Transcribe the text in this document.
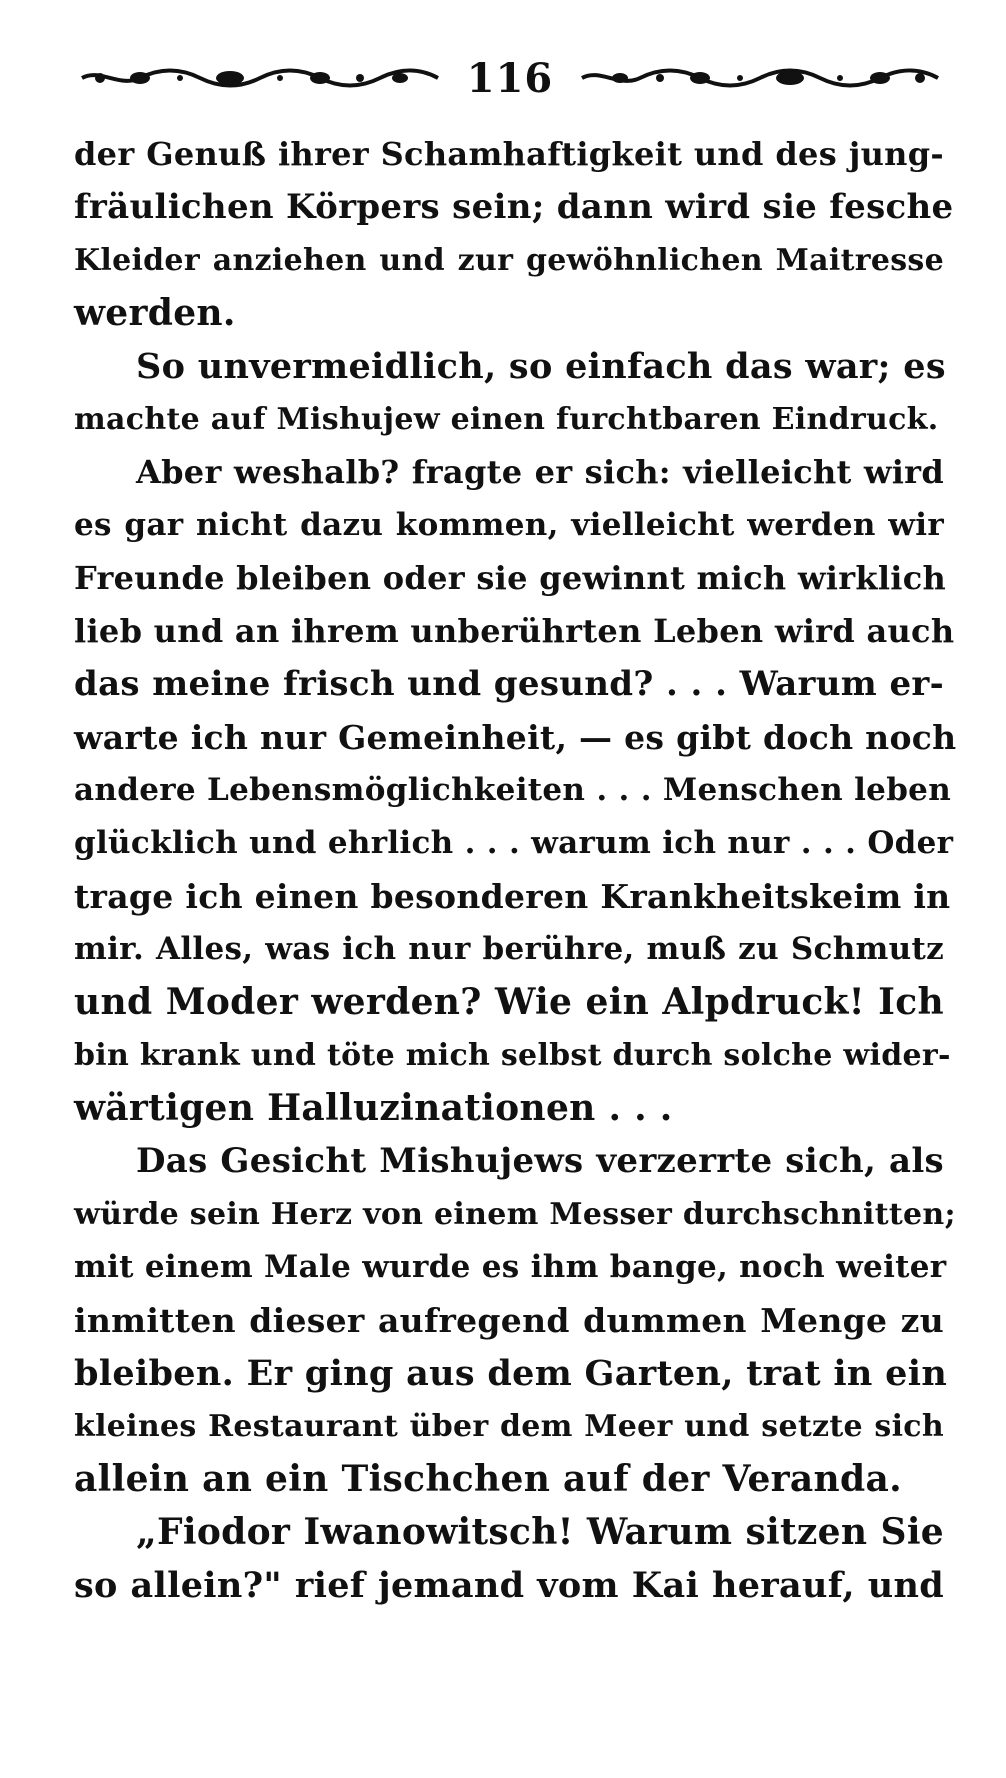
116
der Genuß ihrer Schamhaftigkeit und des jung-
fräulichen Körpers sein; dann wird sie fesche
Kleider anziehen und zur gewöhnlichen Maitresse
werden.
So unvermeidlich, so einfach das war; es
machte auf Mishujew einen furchtbaren Eindruck.
Aber weshalb? fragte er sich: vielleicht wird
es gar nicht dazu kommen, vielleicht werden wir
Freunde bleiben oder sie gewinnt mich wirklich
lieb und an ihrem unberührten Leben wird auch
das meine frisch und gesund? . . . Warum er-
warte ich nur Gemeinheit, — es gibt doch noch
andere Lebensmöglichkeiten . . . Menschen leben
glücklich und ehrlich . . . warum ich nur . . . Oder
trage ich einen besonderen Krankheitskeim in
mir. Alles, was ich nur berühre, muß zu Schmutz
und Moder werden? Wie ein Alpdruck! Ich
bin krank und töte mich selbst durch solche wider-
wärtigen Halluzinationen . . .
Das Gesicht Mishujews verzerrte sich, als
würde sein Herz von einem Messer durchschnitten;
mit einem Male wurde es ihm bange, noch weiter
inmitten dieser aufregend dummen Menge zu
bleiben. Er ging aus dem Garten, trat in ein
kleines Restaurant über dem Meer und setzte sich
allein an ein Tischchen auf der Veranda.
„Fiodor Iwanowitsch! Warum sitzen Sie
so allein?" rief jemand vom Kai herauf, und
